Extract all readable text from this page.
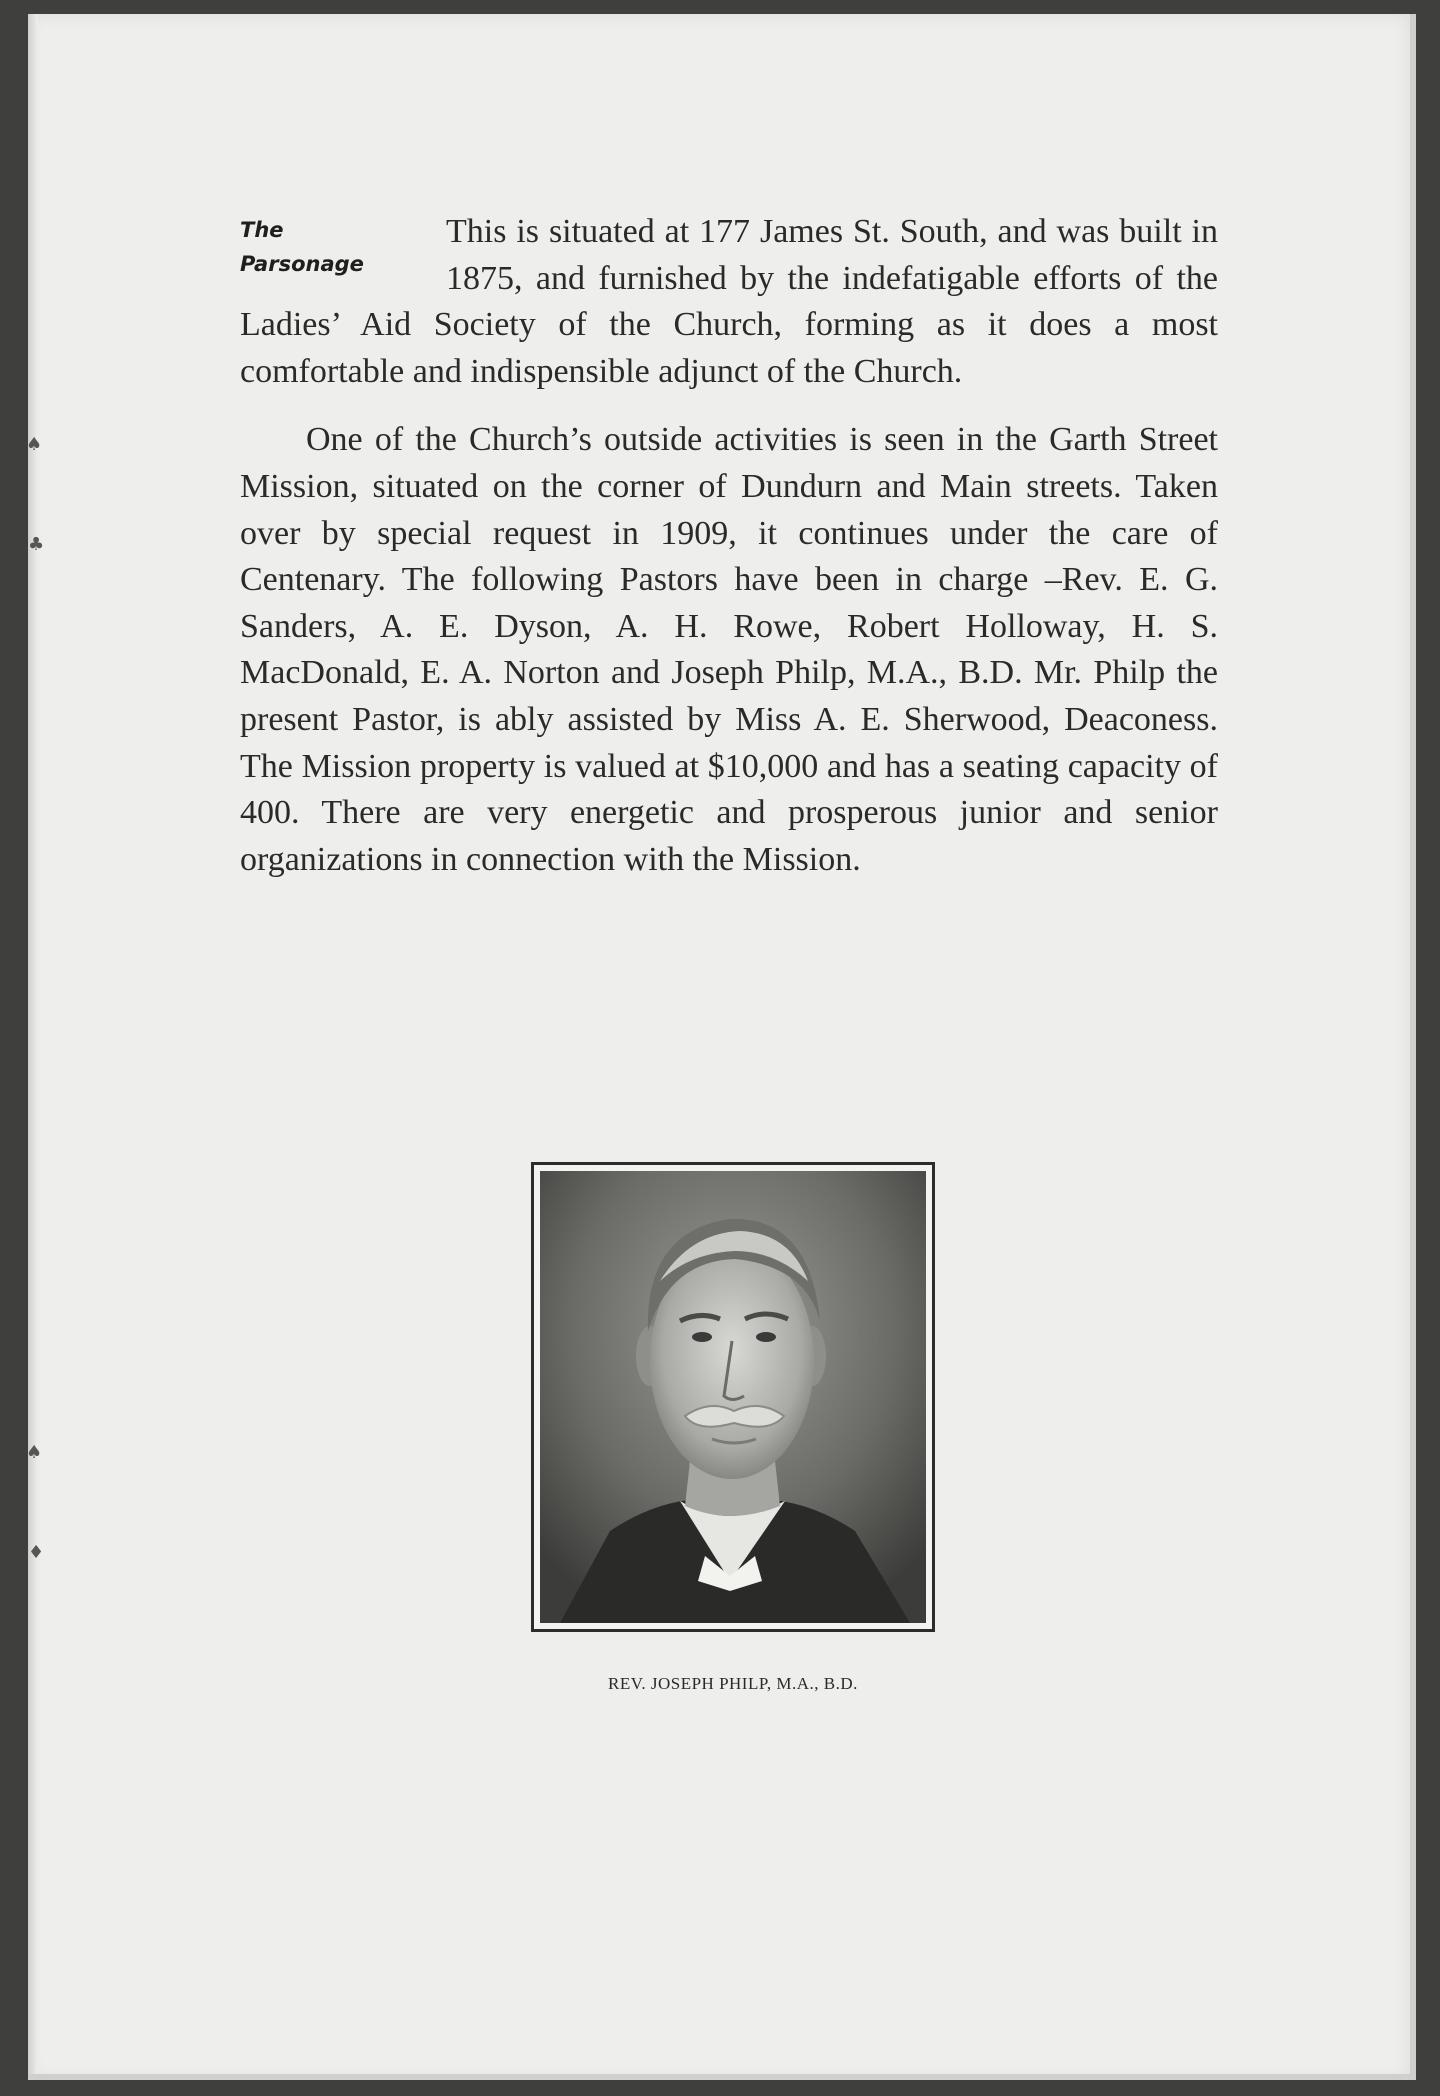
♠
♣
♠
♦
The
Parsonage

This is situated at 177 James St. South, and was built in 1875, and furnished by the indefatigable efforts of the Ladies’ Aid Society of the Church, forming as it does a most comfortable and indispensible adjunct of the Church.

One of the Church’s outside activities is seen in the Garth Street Mission, situated on the corner of Dundurn and Main streets. Taken over by special request in 1909, it continues under the care of Centenary. The following Pastors have been in charge –Rev. E. G. Sanders, A. E. Dyson, A. H. Rowe, Robert Holloway, H. S. MacDonald, E. A. Norton and Joseph Philp, M.A., B.D. Mr. Philp the present Pastor, is ably assisted by Miss A. E. Sherwood, Deaconess. The Mission property is valued at $10,000 and has a seating capacity of 400. There are very energetic and prosperous junior and senior organizations in connection with the Mission.

REV. JOSEPH PHILP, M.A., B.D.
